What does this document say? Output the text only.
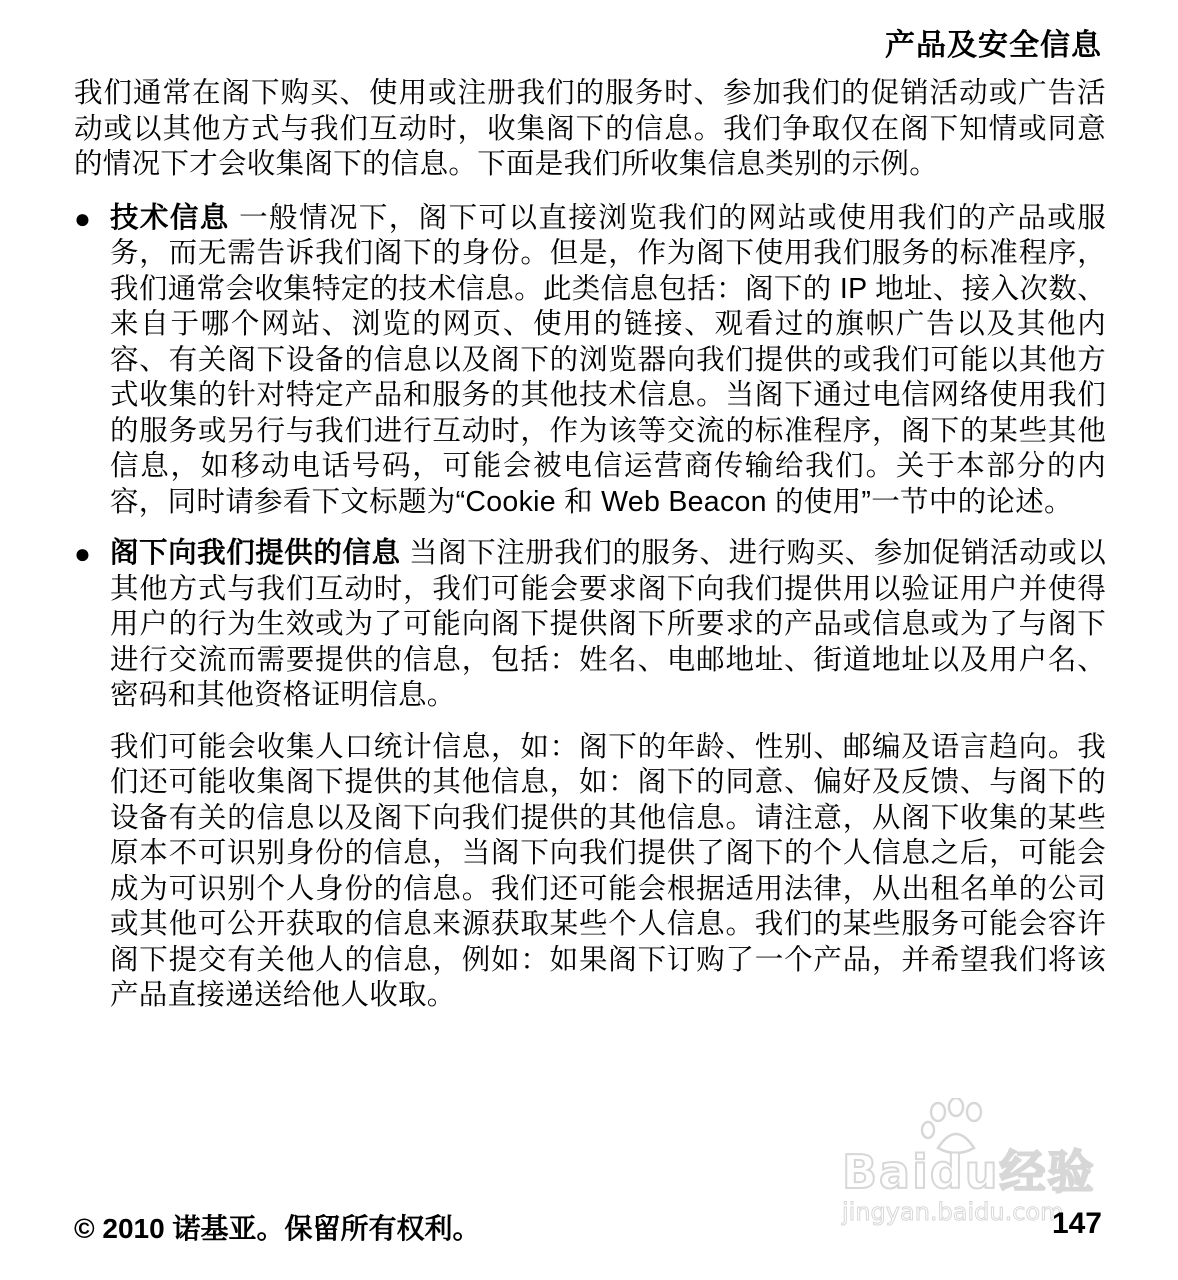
产品及安全信息

我们通常在阁下购买、使用或注册我们的服务时、参加我们的促销活动或广告活动或以其他方式与我们互动时，收集阁下的信息。我们争取仅在阁下知情或同意的情况下才会收集阁下的信息。下面是我们所收集信息类别的示例。

● 技术信息 一般情况下，阁下可以直接浏览我们的网站或使用我们的产品或服务，而无需告诉我们阁下的身份。但是，作为阁下使用我们服务的标准程序，我们通常会收集特定的技术信息。此类信息包括：阁下的 IP 地址、接入次数、来自于哪个网站、浏览的网页、使用的链接、观看过的旗帜广告以及其他内容、有关阁下设备的信息以及阁下的浏览器向我们提供的或我们可能以其他方式收集的针对特定产品和服务的其他技术信息。当阁下通过电信网络使用我们的服务或另行与我们进行互动时，作为该等交流的标准程序，阁下的某些其他信息，如移动电话号码，可能会被电信运营商传输给我们。关于本部分的内容，同时请参看下文标题为“Cookie 和 Web Beacon 的使用”一节中的论述。
● 阁下向我们提供的信息 当阁下注册我们的服务、进行购买、参加促销活动或以其他方式与我们互动时，我们可能会要求阁下向我们提供用以验证用户并使得用户的行为生效或为了可能向阁下提供阁下所要求的产品或信息或为了与阁下进行交流而需要提供的信息，包括：姓名、电邮地址、街道地址以及用户名、密码和其他资格证明信息。

我们可能会收集人口统计信息，如：阁下的年龄、性别、邮编及语言趋向。我们还可能收集阁下提供的其他信息，如：阁下的同意、偏好及反馈、与阁下的设备有关的信息以及阁下向我们提供的其他信息。请注意，从阁下收集的某些原本不可识别身份的信息，当阁下向我们提供了阁下的个人信息之后，可能会成为可识别个人身份的信息。我们还可能会根据适用法律，从出租名单的公司或其他可公开获取的信息来源获取某些个人信息。我们的某些服务可能会容许阁下提交有关他人的信息，例如：如果阁下订购了一个产品，并希望我们将该产品直接递送给他人收取。

Baidu经验
jingyan.baidu.com
© 2010 诺基亚。保留所有权利。	147
